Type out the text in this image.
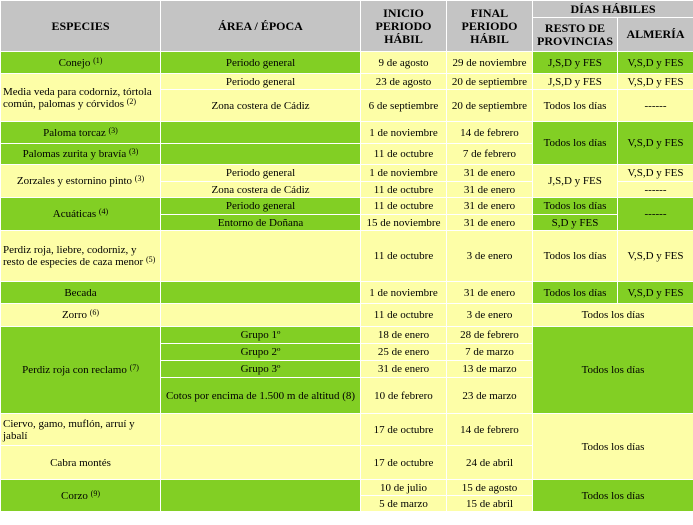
ESPECIES	ÁREA / ÉPOCA	INICIO PERIODO HÁBIL	FINAL PERIODO HÁBIL	DÍAS HÁBILES	
				RESTO DE PROVINCIAS	ALMERÍA
Conejo $^{(1)}$	Periodo general	9 de agosto	29 de noviembre	J,S,D y FES	V,S,D y FES
Media veda para codorniz, tórtola común, palomas y córvidos $^{(2)}$	Periodo general	23 de agosto	20 de septiembre	J,S,D y FES	V,S,D y FES
	Zona costera de Cádiz	6 de septiembre	20 de septiembre	Todos los días	------
Paloma torcaz $^{(3)}$		1 de noviembre	14 de febrero	Todos los días	V,S,D y FES
Palomas zurita y bravía $^{(3)}$		11 de octubre	7 de febrero		
Zorzales y estornino pinto $^{(3)}$	Periodo general	1 de noviembre	31 de enero	J,S,D y FES	V,S,D y FES
	Zona costera de Cádiz	11 de octubre	31 de enero		------
Acuáticas $^{(4)}$	Periodo general	11 de octubre	31 de enero	Todos los días	------
	Entorno de Doñana	15 de noviembre	31 de enero	S,D y FES	
Perdiz roja, liebre, codorniz, y resto de especies de caza menor $^{(5)}$		11 de octubre	3 de enero	Todos los días	V,S,D y FES
Becada		1 de noviembre	31 de enero	Todos los días	V,S,D y FES
Zorro $^{(6)}$		11 de octubre	3 de enero	Todos los días	
Perdiz roja con reclamo $^{(7)}$	Grupo 1º	18 de enero	28 de febrero	Todos los días	
	Grupo 2º	25 de enero	7 de marzo		
	Grupo 3º	31 de enero	13 de marzo		
	Cotos por encima de 1.500 m de altitud (8)	10 de febrero	23 de marzo		
Ciervo, gamo, muflón, arruí y jabalí		17 de octubre	14 de febrero	Todos los días	
Cabra montés		17 de octubre	24 de abril		
Corzo $^{(9)}$		10 de julio	15 de agosto	Todos los días	
		5 de marzo	15 de abril		
